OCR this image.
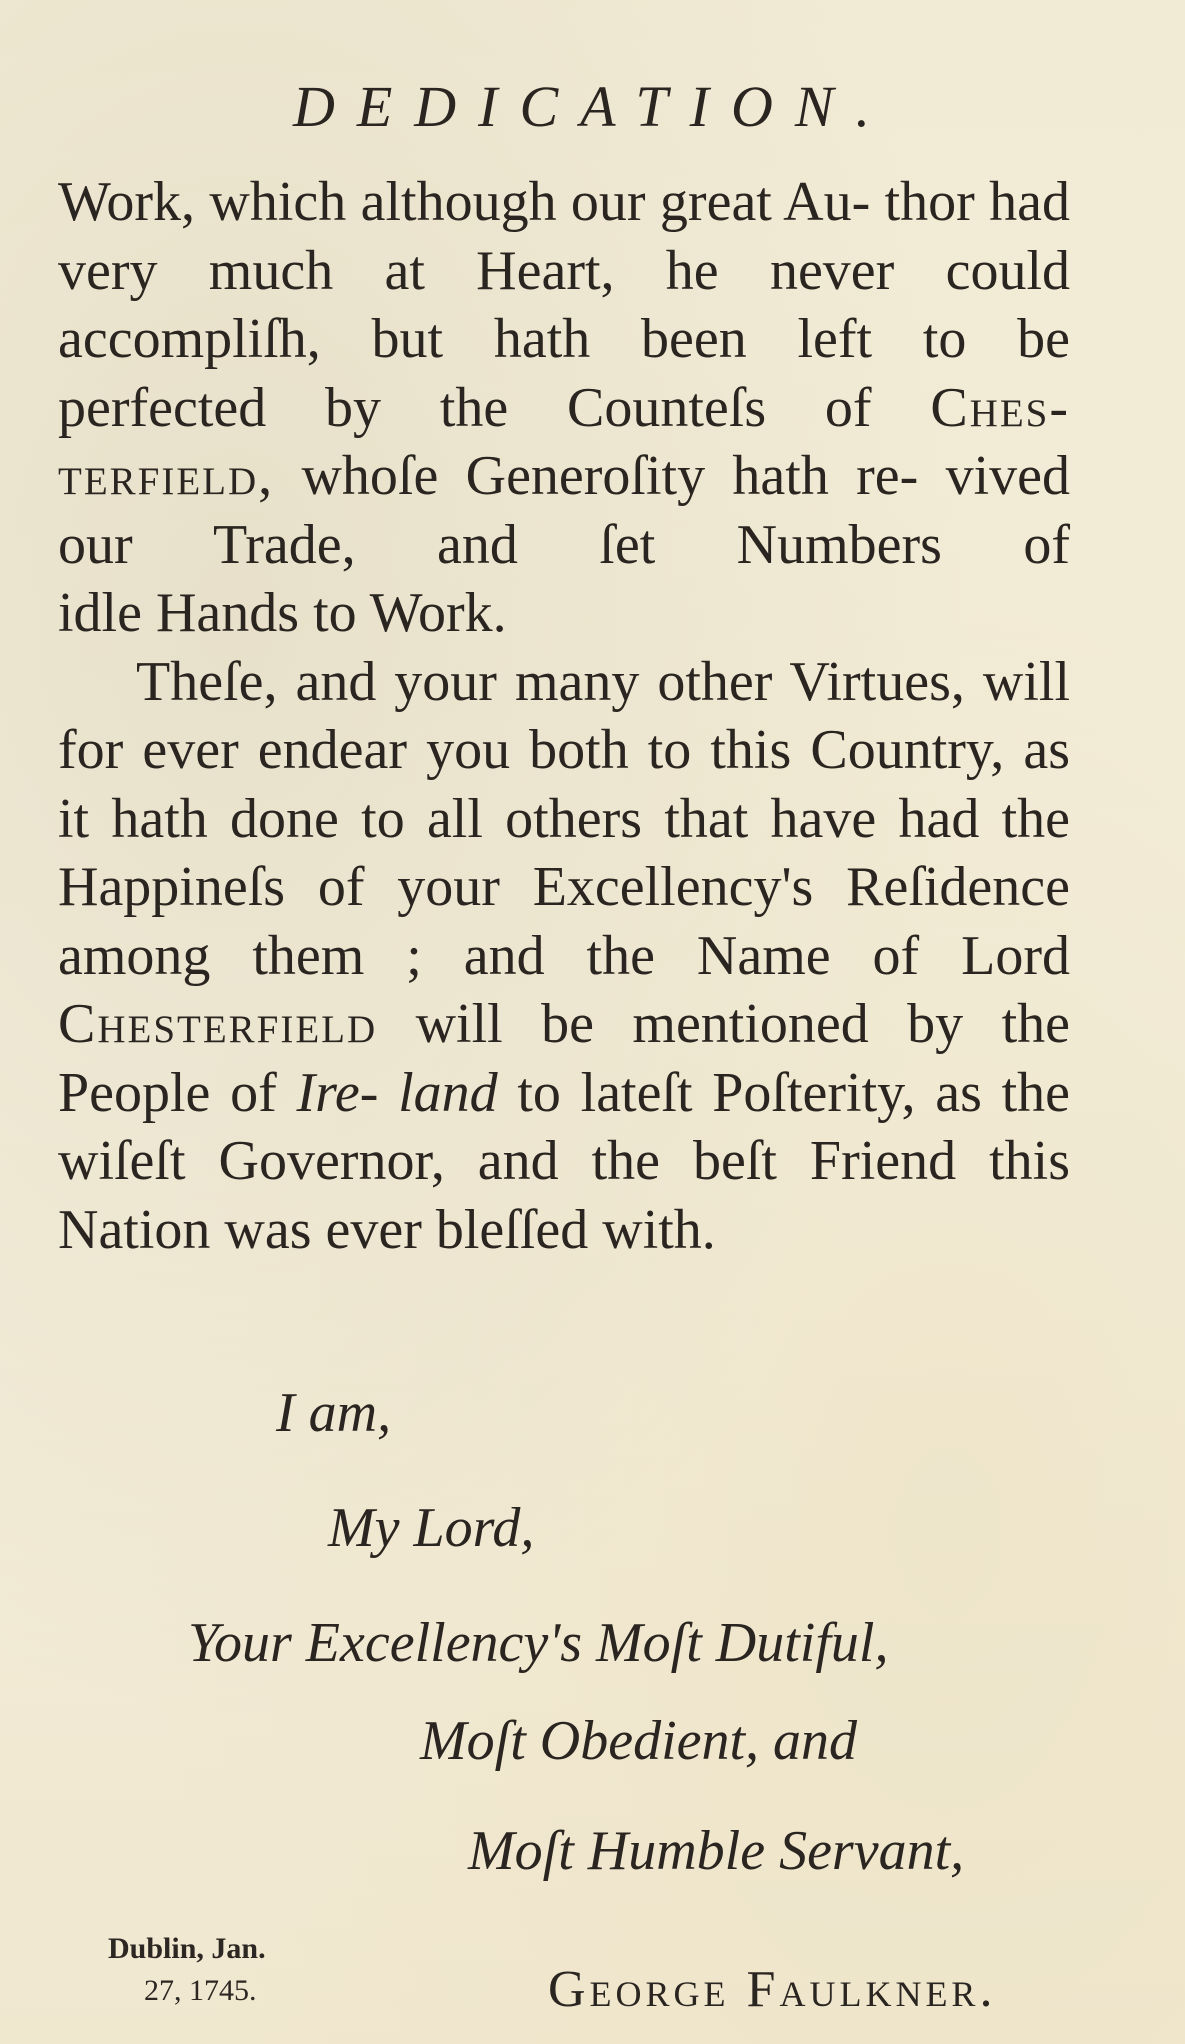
DEDICATION.

Work, which although our great Au- thor had very much at Heart, he never could accompliſh, but hath been left to be perfected by the Counteſs of Ches- terfield, whoſe Generoſity hath re- vived our Trade, and ſet Numbers of

idle Hands to Work.

Theſe, and your many other Virtues, will for ever endear you both to this Country, as it hath done to all others that have had the Happineſs of your Excellency's Reſidence among them ; and the Name of Lord Chesterfield will be mentioned by the People of Ire- land to lateſt Poſterity, as the wiſeſt Governor, and the beſt Friend this

Nation was ever bleſſed with.

I am,
My Lord,
Your Excellency's Moſt Dutiful,
Moſt Obedient, and
Moſt Humble Servant,
Dublin, Jan.
27, 1745.	George Faulkner.
